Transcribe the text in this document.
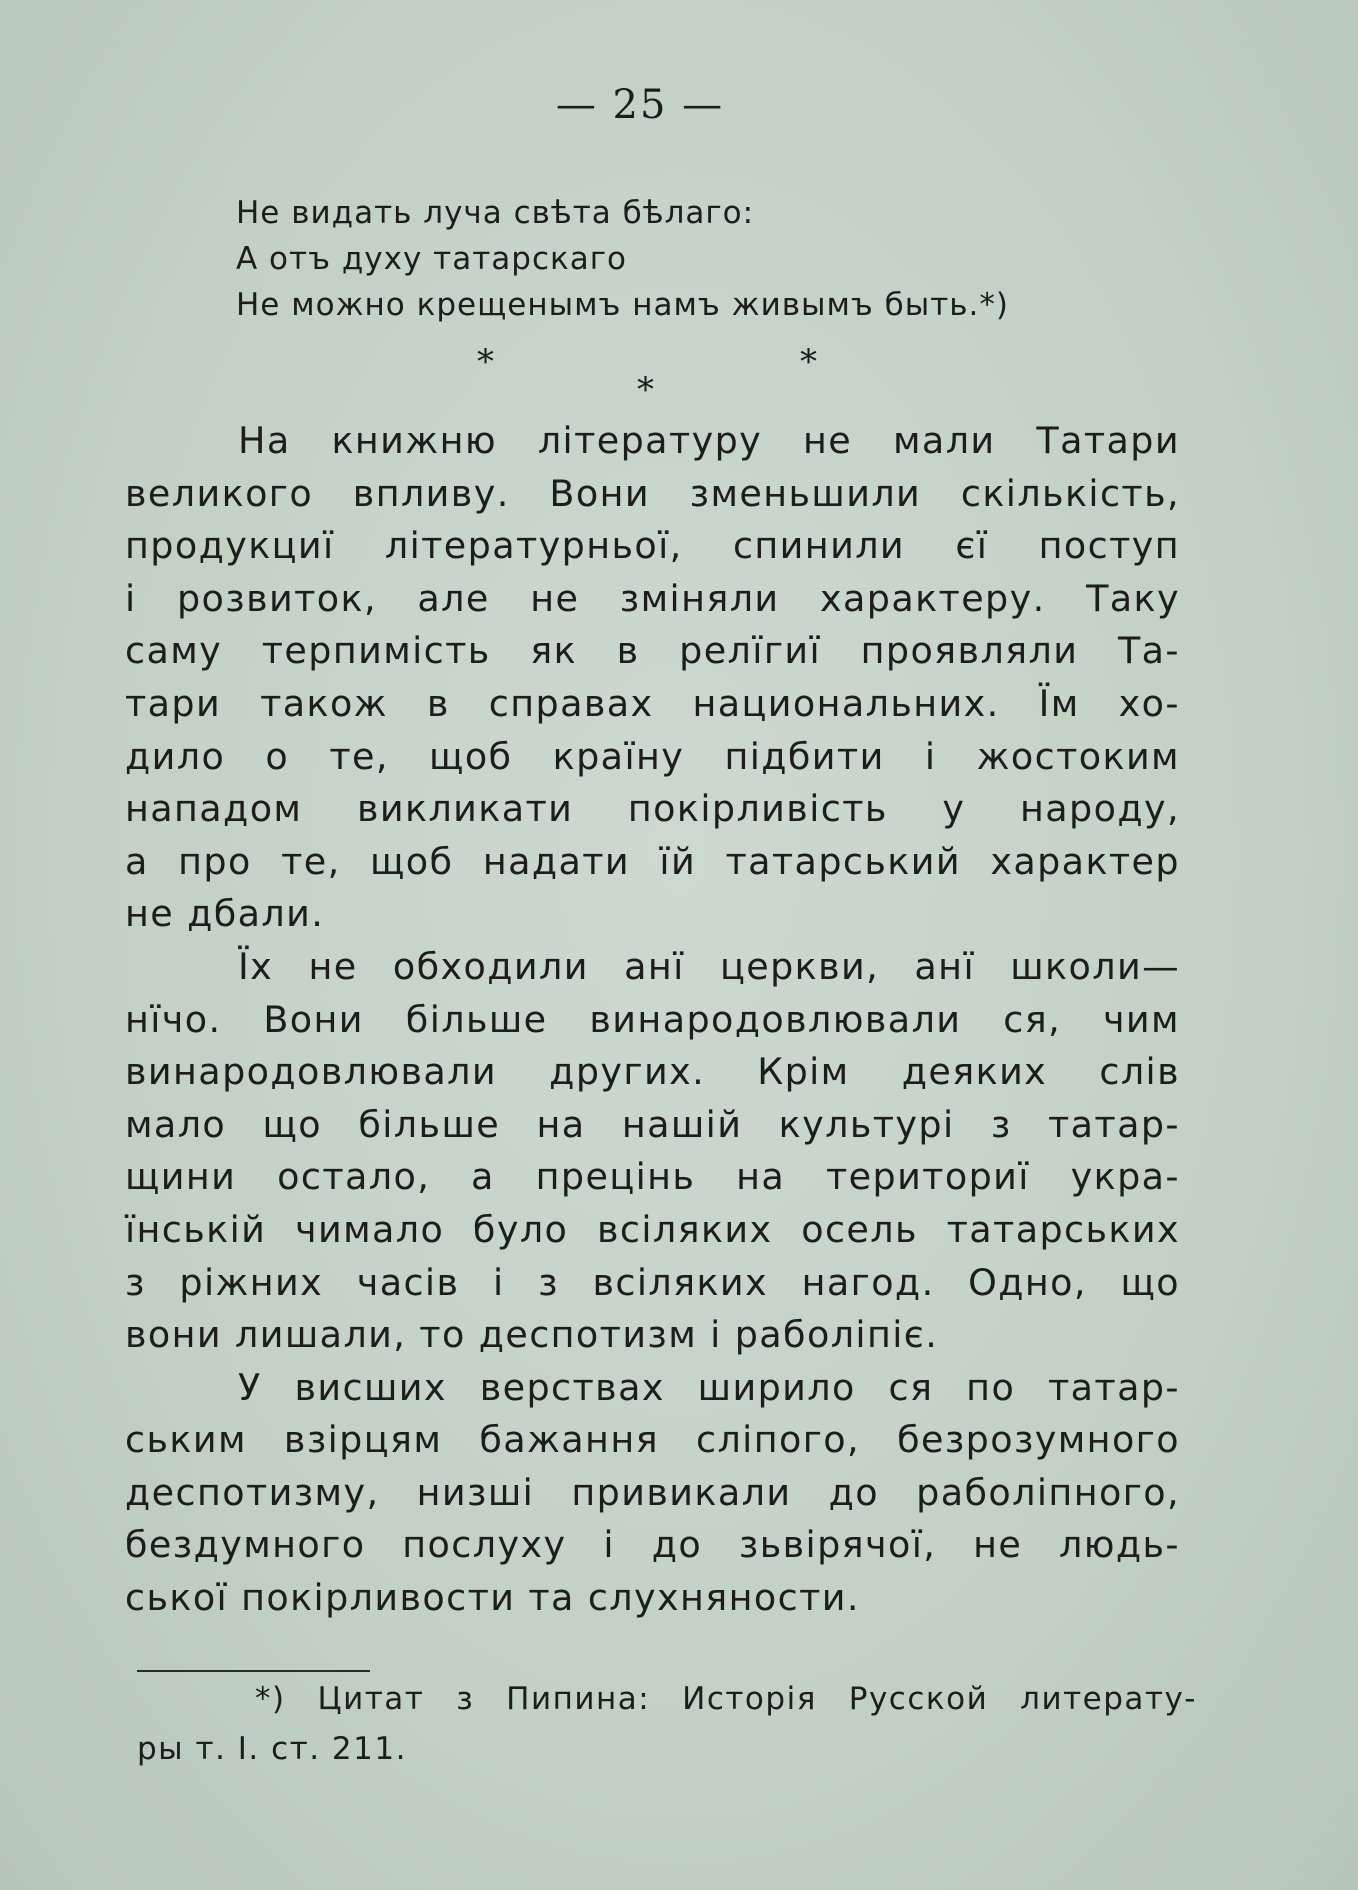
— 25 —
Не видать луча свѣта бѣлаго:
А отъ духу татарскаго
Не можно крещенымъ намъ живымъ быть.*)
*	*
*
На книжню літературу не мали Татари
великого впливу. Вони зменьшили скількість,
продукциї літературньої, спинили єї поступ
і розвиток, але не зміняли характеру. Таку
саму терпимість як в релїгиї проявляли Та-
тари також в справах национальних. Їм хо-
дило о те, щоб країну підбити і жостоким
нападом викликати покірливість у народу,
а про те, щоб надати їй татарський характер
не дбали.
Їх не обходили анї церкви, анї школи—
нїчо. Вони більше винародовлювали ся, чим
винародовлювали других. Крім деяких слів
мало що більше на нашій культурі з татар-
щини остало, а прецінь на териториї укра-
їнській чимало було всіляких осель татарських
з ріжних часів і з всіляких нагод. Одно, що
вони лишали, то деспотизм і раболіпіє.
У висших верствах ширило ся по татар-
ським взірцям бажання сліпого, безрозумного
деспотизму, низші привикали до раболіпного,
бездумного послуху і до зьвірячої, не людь-
ської покірливости та слухняности.
*) Цитат з Пипина: Исторія Русской литерату-
ры т. І. ст. 211.
